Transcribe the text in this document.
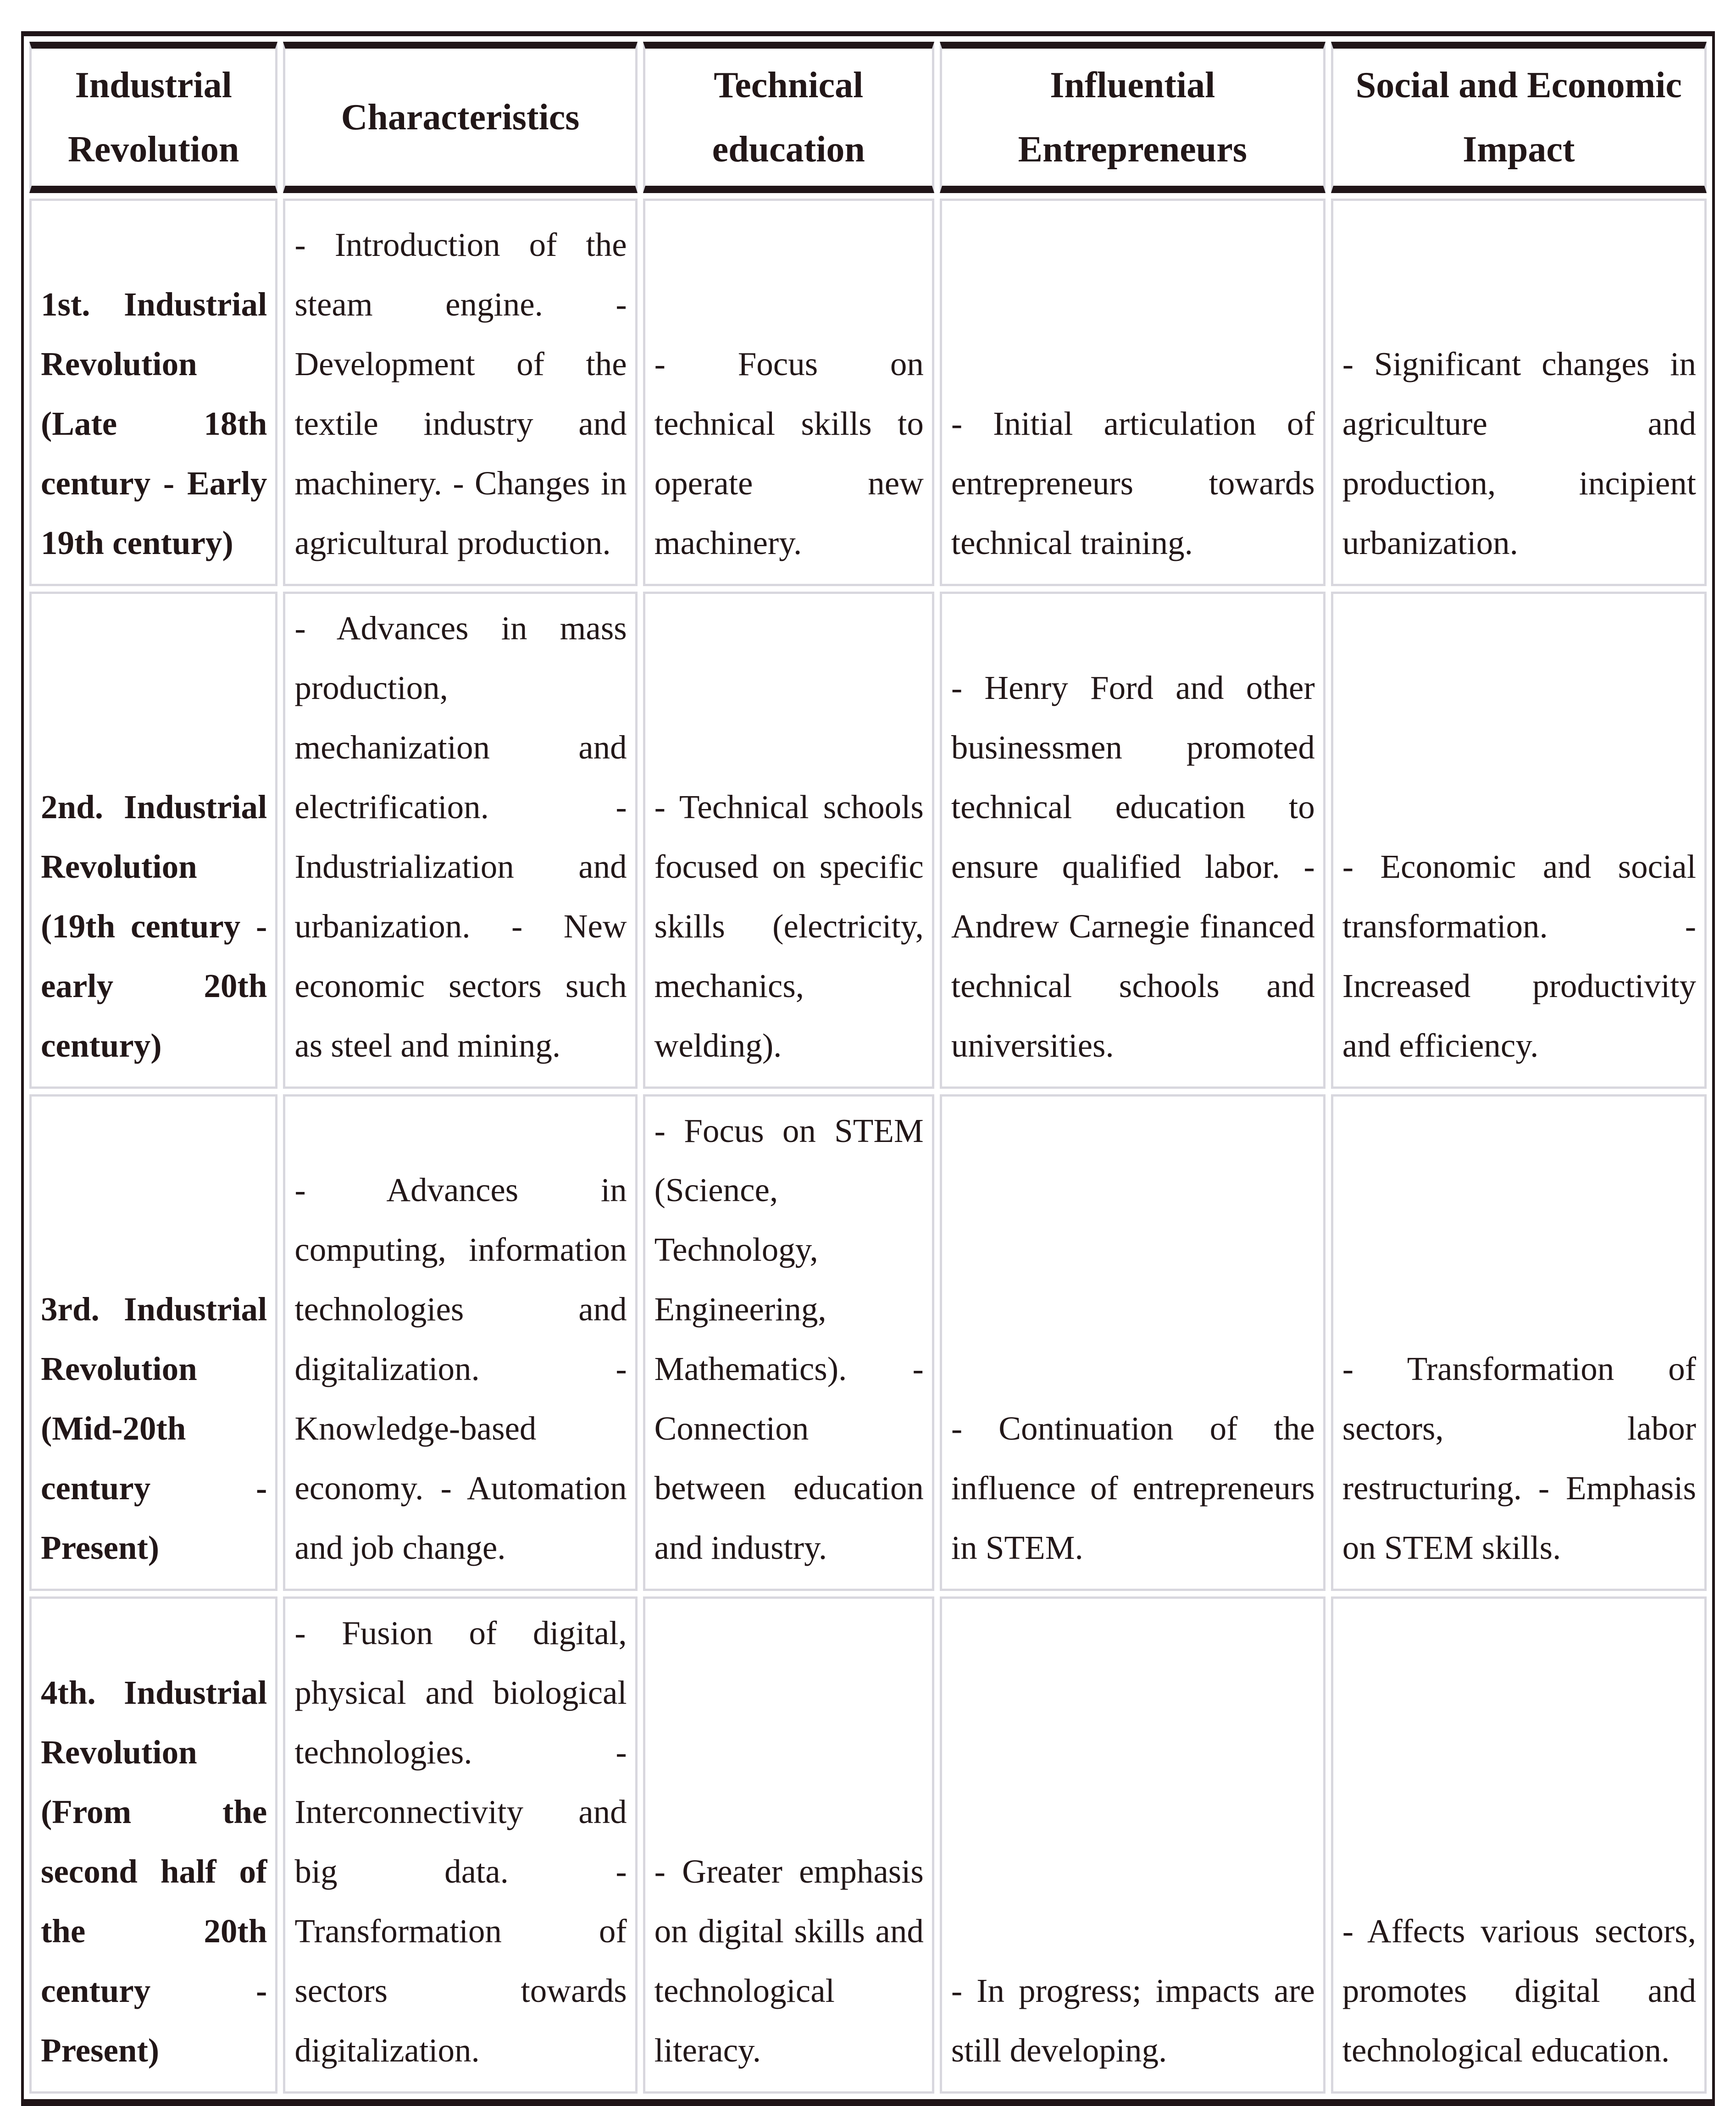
Industrial Revolution	Characteristics	Technical education	Influential Entrepreneurs	Social and Economic Impact
1st. Industrial Revolution (Late 18th century - Early 19th century)	- Introduction of the steam engine. - Development of the textile industry and machinery. - Changes in agricultural production.	- Focus on technical skills to operate new machinery.	- Initial articulation of entrepreneurs towards technical training.	- Significant changes in agriculture and production, incipient urbanization.
2nd. Industrial Revolution (19th century - early 20th century)	- Advances in mass production, mechanization and electrification. - Industrialization and urbanization. - New economic sectors such as steel and mining.	- Technical schools focused on specific skills (electricity, mechanics, welding).	- Henry Ford and other businessmen promoted technical education to ensure qualified labor. - Andrew Carnegie financed technical schools and universities.	- Economic and social transformation. - Increased productivity and efficiency.
3rd. Industrial Revolution (Mid-20th century - Present)	- Advances in computing, information technologies and digitalization. - Knowledge-based economy. - Automation and job change.	- Focus on STEM (Science, Technology, Engineering, Mathematics). - Connection between education and industry.	- Continuation of the influence of entrepreneurs in STEM.	- Transformation of sectors, labor restructuring. - Emphasis on STEM skills.
4th. Industrial Revolution (From the second half of the 20th century - Present)	- Fusion of digital, physical and biological technologies. - Interconnectivity and big data. - Transformation of sectors towards digitalization.	- Greater emphasis on digital skills and technological literacy.	- In progress; impacts are still developing.	- Affects various sectors, promotes digital and technological education.
